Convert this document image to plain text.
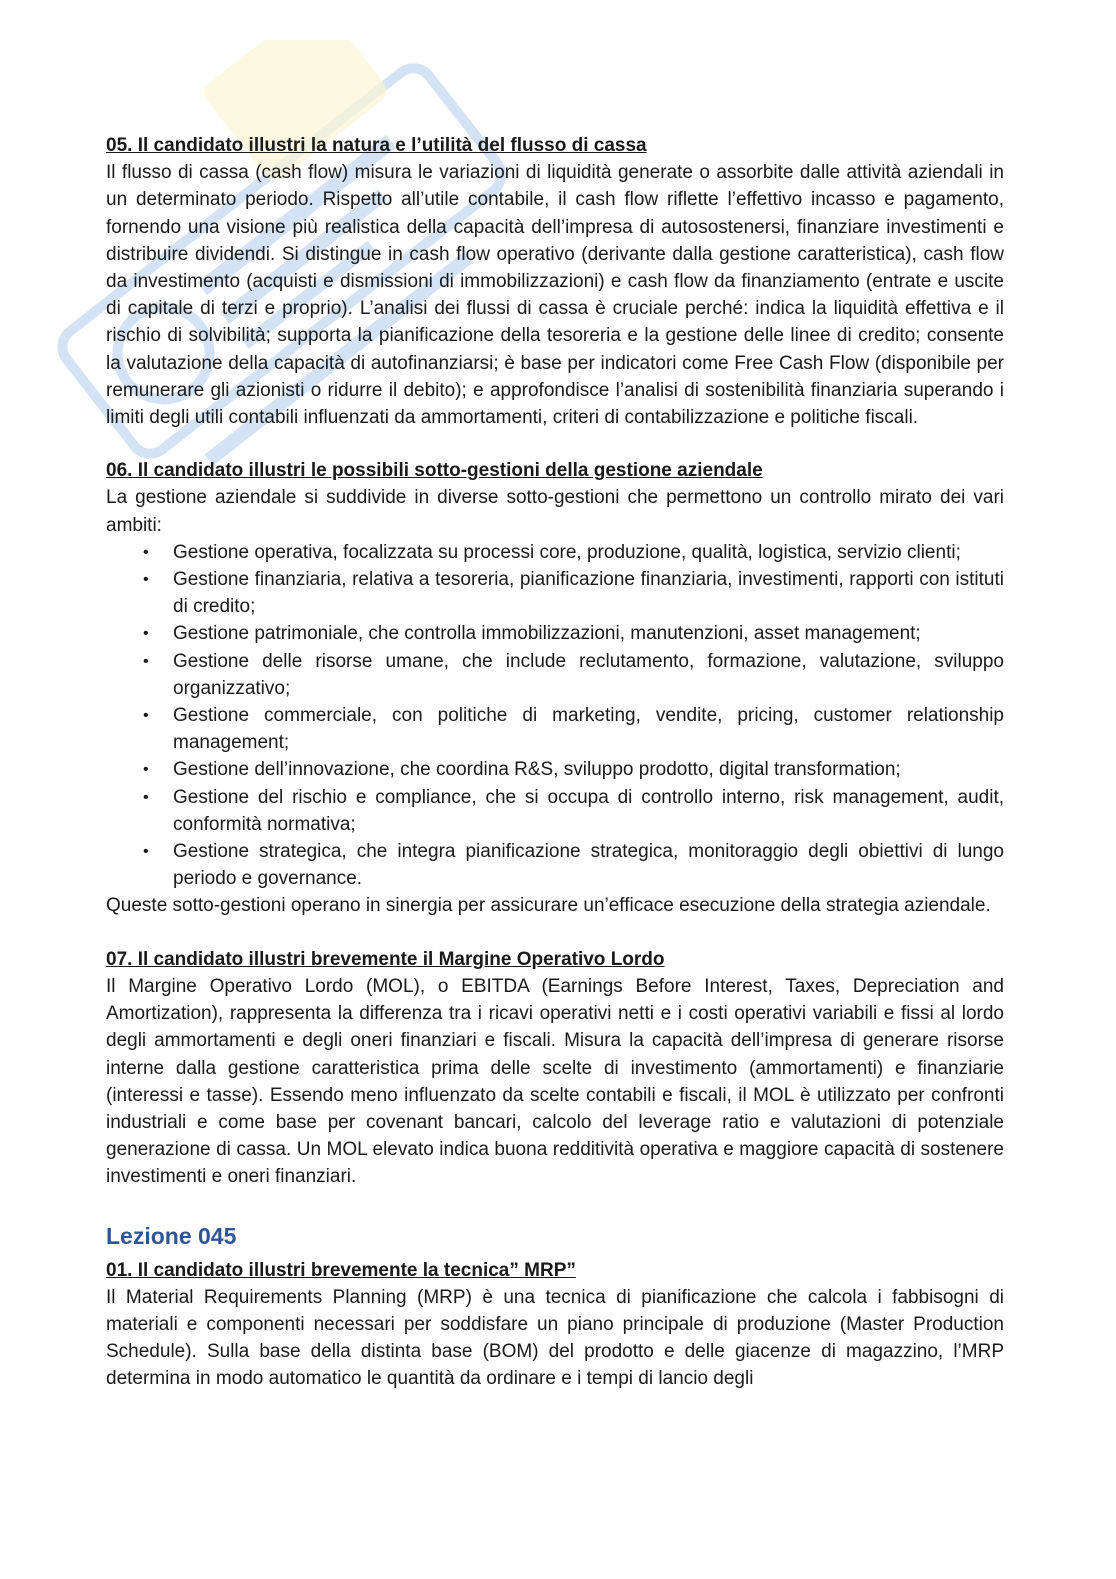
05. Il candidato illustri la natura e l’utilità del flusso di cassa

Il flusso di cassa (cash flow) misura le variazioni di liquidità generate o assorbite dalle attività aziendali in un determinato periodo. Rispetto all’utile contabile, il cash flow riflette l’effettivo incasso e pagamento, fornendo una visione più realistica della capacità dell’impresa di autosostenersi, finanziare investimenti e distribuire dividendi. Si distingue in cash flow operativo (derivante dalla gestione caratteristica), cash flow da investimento (acquisti e dismissioni di immobilizzazioni) e cash flow da finanziamento (entrate e uscite di capitale di terzi e proprio). L’analisi dei flussi di cassa è cruciale perché: indica la liquidità effettiva e il rischio di solvibilità; supporta la pianificazione della tesoreria e la gestione delle linee di credito; consente la valutazione della capacità di autofinanziarsi; è base per indicatori come Free Cash Flow (disponibile per remunerare gli azionisti o ridurre il debito); e approfondisce l’analisi di sostenibilità finanziaria superando i limiti degli utili contabili influenzati da ammortamenti, criteri di contabilizzazione e politiche fiscali.

06. Il candidato illustri le possibili sotto-gestioni della gestione aziendale

La gestione aziendale si suddivide in diverse sotto-gestioni che permettono un controllo mirato dei vari ambiti:

• Gestione operativa, focalizzata su processi core, produzione, qualità, logistica, servizio clienti;
• Gestione finanziaria, relativa a tesoreria, pianificazione finanziaria, investimenti, rapporti con istituti di credito;
• Gestione patrimoniale, che controlla immobilizzazioni, manutenzioni, asset management;
• Gestione delle risorse umane, che include reclutamento, formazione, valutazione, sviluppo organizzativo;
• Gestione commerciale, con politiche di marketing, vendite, pricing, customer relationship management;
• Gestione dell’innovazione, che coordina R&S, sviluppo prodotto, digital transformation;
• Gestione del rischio e compliance, che si occupa di controllo interno, risk management, audit, conformità normativa;
• Gestione strategica, che integra pianificazione strategica, monitoraggio degli obiettivi di lungo periodo e governance.

Queste sotto-gestioni operano in sinergia per assicurare un’efficace esecuzione della strategia aziendale.

07. Il candidato illustri brevemente il Margine Operativo Lordo

Il Margine Operativo Lordo (MOL), o EBITDA (Earnings Before Interest, Taxes, Depreciation and Amortization), rappresenta la differenza tra i ricavi operativi netti e i costi operativi variabili e fissi al lordo degli ammortamenti e degli oneri finanziari e fiscali. Misura la capacità dell’impresa di generare risorse interne dalla gestione caratteristica prima delle scelte di investimento (ammortamenti) e finanziarie (interessi e tasse). Essendo meno influenzato da scelte contabili e fiscali, il MOL è utilizzato per confronti industriali e come base per covenant bancari, calcolo del leverage ratio e valutazioni di potenziale generazione di cassa. Un MOL elevato indica buona redditività operativa e maggiore capacità di sostenere investimenti e oneri finanziari.

Lezione 045

01. Il candidato illustri brevemente la tecnica” MRP”

Il Material Requirements Planning (MRP) è una tecnica di pianificazione che calcola i fabbisogni di materiali e componenti necessari per soddisfare un piano principale di produzione (Master Production Schedule). Sulla base della distinta base (BOM) del prodotto e delle giacenze di magazzino, l’MRP determina in modo automatico le quantità da ordinare e i tempi di lancio degli
